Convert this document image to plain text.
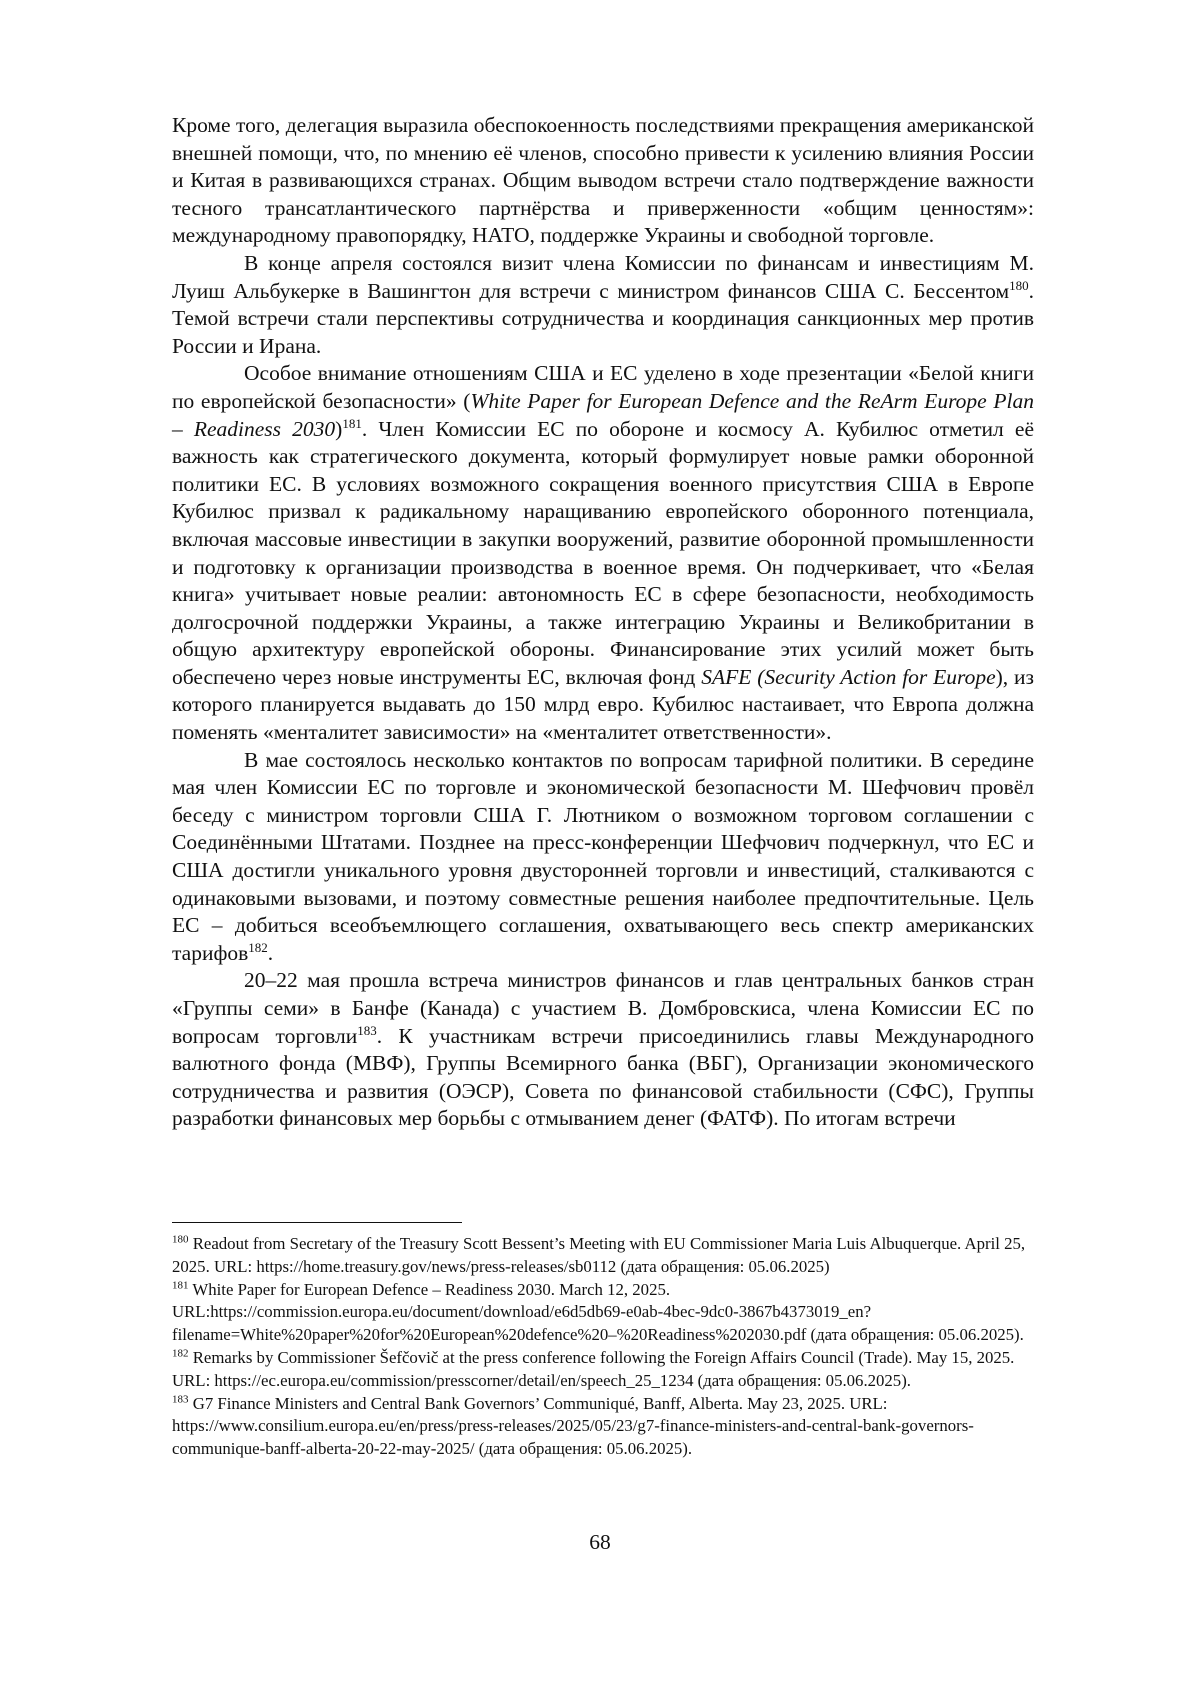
Кроме того, делегация выразила обеспокоенность последствиями прекращения американской внешней помощи, что, по мнению её членов, способно привести к усилению влияния России и Китая в развивающихся странах. Общим выводом встречи стало подтверждение важности тесного трансатлантического партнёрства и приверженности «общим ценностям»: международному правопорядку, НАТО, поддержке Украины и свободной торговле.

В конце апреля состоялся визит члена Комиссии по финансам и инвестициям М. Луиш Альбукерке в Вашингтон для встречи с министром финансов США С. Бессентом$^{180}$. Темой встречи стали перспективы сотрудничества и координация санкционных мер против России и Ирана.

Особое внимание отношениям США и ЕС уделено в ходе презентации «Белой книги по европейской безопасности» (White Paper for European Defence and the ReArm Europe Plan – Readiness 2030)$^{181}$. Член Комиссии ЕС по обороне и космосу А. Кубилюс отметил её важность как стратегического документа, который формулирует новые рамки оборонной политики ЕС. В условиях возможного сокращения военного присутствия США в Европе Кубилюс призвал к радикальному наращиванию европейского оборонного потенциала, включая массовые инвестиции в закупки вооружений, развитие оборонной промышленности и подготовку к организации производства в военное время. Он подчеркивает, что «Белая книга» учитывает новые реалии: автономность ЕС в сфере безопасности, необходимость долгосрочной поддержки Украины, а также интеграцию Украины и Великобритании в общую архитектуру европейской обороны. Финансирование этих усилий может быть обеспечено через новые инструменты ЕС, включая фонд SAFE (Security Action for Europe), из которого планируется выдавать до 150 млрд евро. Кубилюс настаивает, что Европа должна поменять «менталитет зависимости» на «менталитет ответственности».

В мае состоялось несколько контактов по вопросам тарифной политики. В середине мая член Комиссии ЕС по торговле и экономической безопасности М. Шефчович провёл беседу с министром торговли США Г. Лютником о возможном торговом соглашении с Соединёнными Штатами. Позднее на пресс-конференции Шефчович подчеркнул, что ЕС и США достигли уникального уровня двусторонней торговли и инвестиций, сталкиваются с одинаковыми вызовами, и поэтому совместные решения наиболее предпочтительные. Цель ЕС – добиться всеобъемлющего соглашения, охватывающего весь спектр американских тарифов$^{182}$.

20–22 мая прошла встреча министров финансов и глав центральных банков стран «Группы семи» в Банфе (Канада) с участием В. Домбровскиса, члена Комиссии ЕС по вопросам торговли$^{183}$. К участникам встречи присоединились главы Международного валютного фонда (МВФ), Группы Всемирного банка (ВБГ), Организации экономического сотрудничества и развития (ОЭСР), Совета по финансовой стабильности (СФС), Группы разработки финансовых мер борьбы с отмыванием денег (ФАТФ). По итогам встречи

$^{180}$ Readout from Secretary of the Treasury Scott Bessent’s Meeting with EU Commissioner Maria Luis Albuquerque. April 25, 2025. URL: https://home.treasury.gov/news/press-releases/sb0112 (дата обращения: 05.06.2025)

$^{181}$ White Paper for European Defence – Readiness 2030. March 12, 2025. URL:https://commission.europa.eu/document/download/e6d5db69-e0ab-4bec-9dc0-3867b4373019_en?filename=White%20paper%20for%20European%20defence%20–%20Readiness%202030.pdf (дата обращения: 05.06.2025).

$^{182}$ Remarks by Commissioner Šefčovič at the press conference following the Foreign Affairs Council (Trade). May 15, 2025. URL: https://ec.europa.eu/commission/presscorner/detail/en/speech_25_1234 (дата обращения: 05.06.2025).

$^{183}$ G7 Finance Ministers and Central Bank Governors’ Communiqué, Banff, Alberta. May 23, 2025. URL: https://www.consilium.europa.eu/en/press/press-releases/2025/05/23/g7-finance-ministers-and-central-bank-governors-communique-banff-alberta-20-22-may-2025/ (дата обращения: 05.06.2025).

68
